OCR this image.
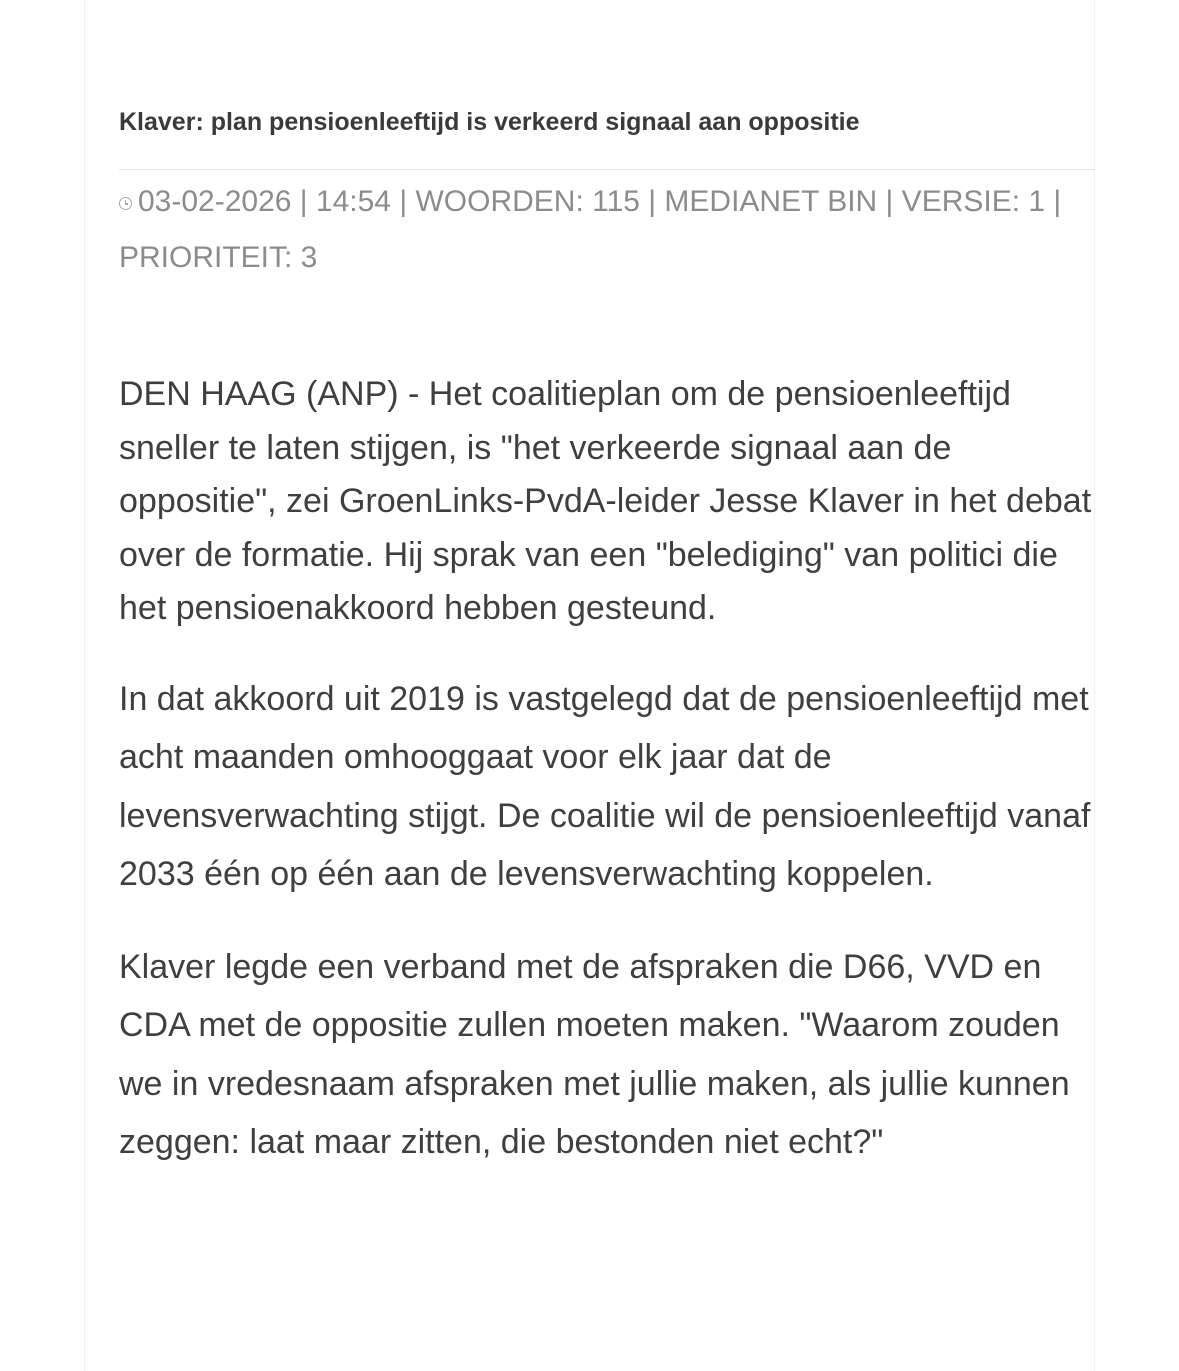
Klaver: plan pensioenleeftijd is verkeerd signaal aan oppositie

03-02-2026 | 14:54 | WOORDEN: 115 | MEDIANET BIN | VERSIE: 1 | PRIORITEIT: 3

DEN HAAG (ANP) - Het coalitieplan om de pensioenleeftijd sneller te laten stijgen, is "het verkeerde signaal aan de oppositie", zei GroenLinks-PvdA-leider Jesse Klaver in het debat over de formatie. Hij sprak van een "belediging" van politici die het pensioenakkoord hebben gesteund.

In dat akkoord uit 2019 is vastgelegd dat de pensioenleeftijd met acht maanden omhooggaat voor elk jaar dat de levensverwachting stijgt. De coalitie wil de pensioenleeftijd vanaf 2033 één op één aan de levensverwachting koppelen.

Klaver legde een verband met de afspraken die D66, VVD en CDA met de oppositie zullen moeten maken. "Waarom zouden we in vredesnaam afspraken met jullie maken, als jullie kunnen zeggen: laat maar zitten, die bestonden niet echt?"
